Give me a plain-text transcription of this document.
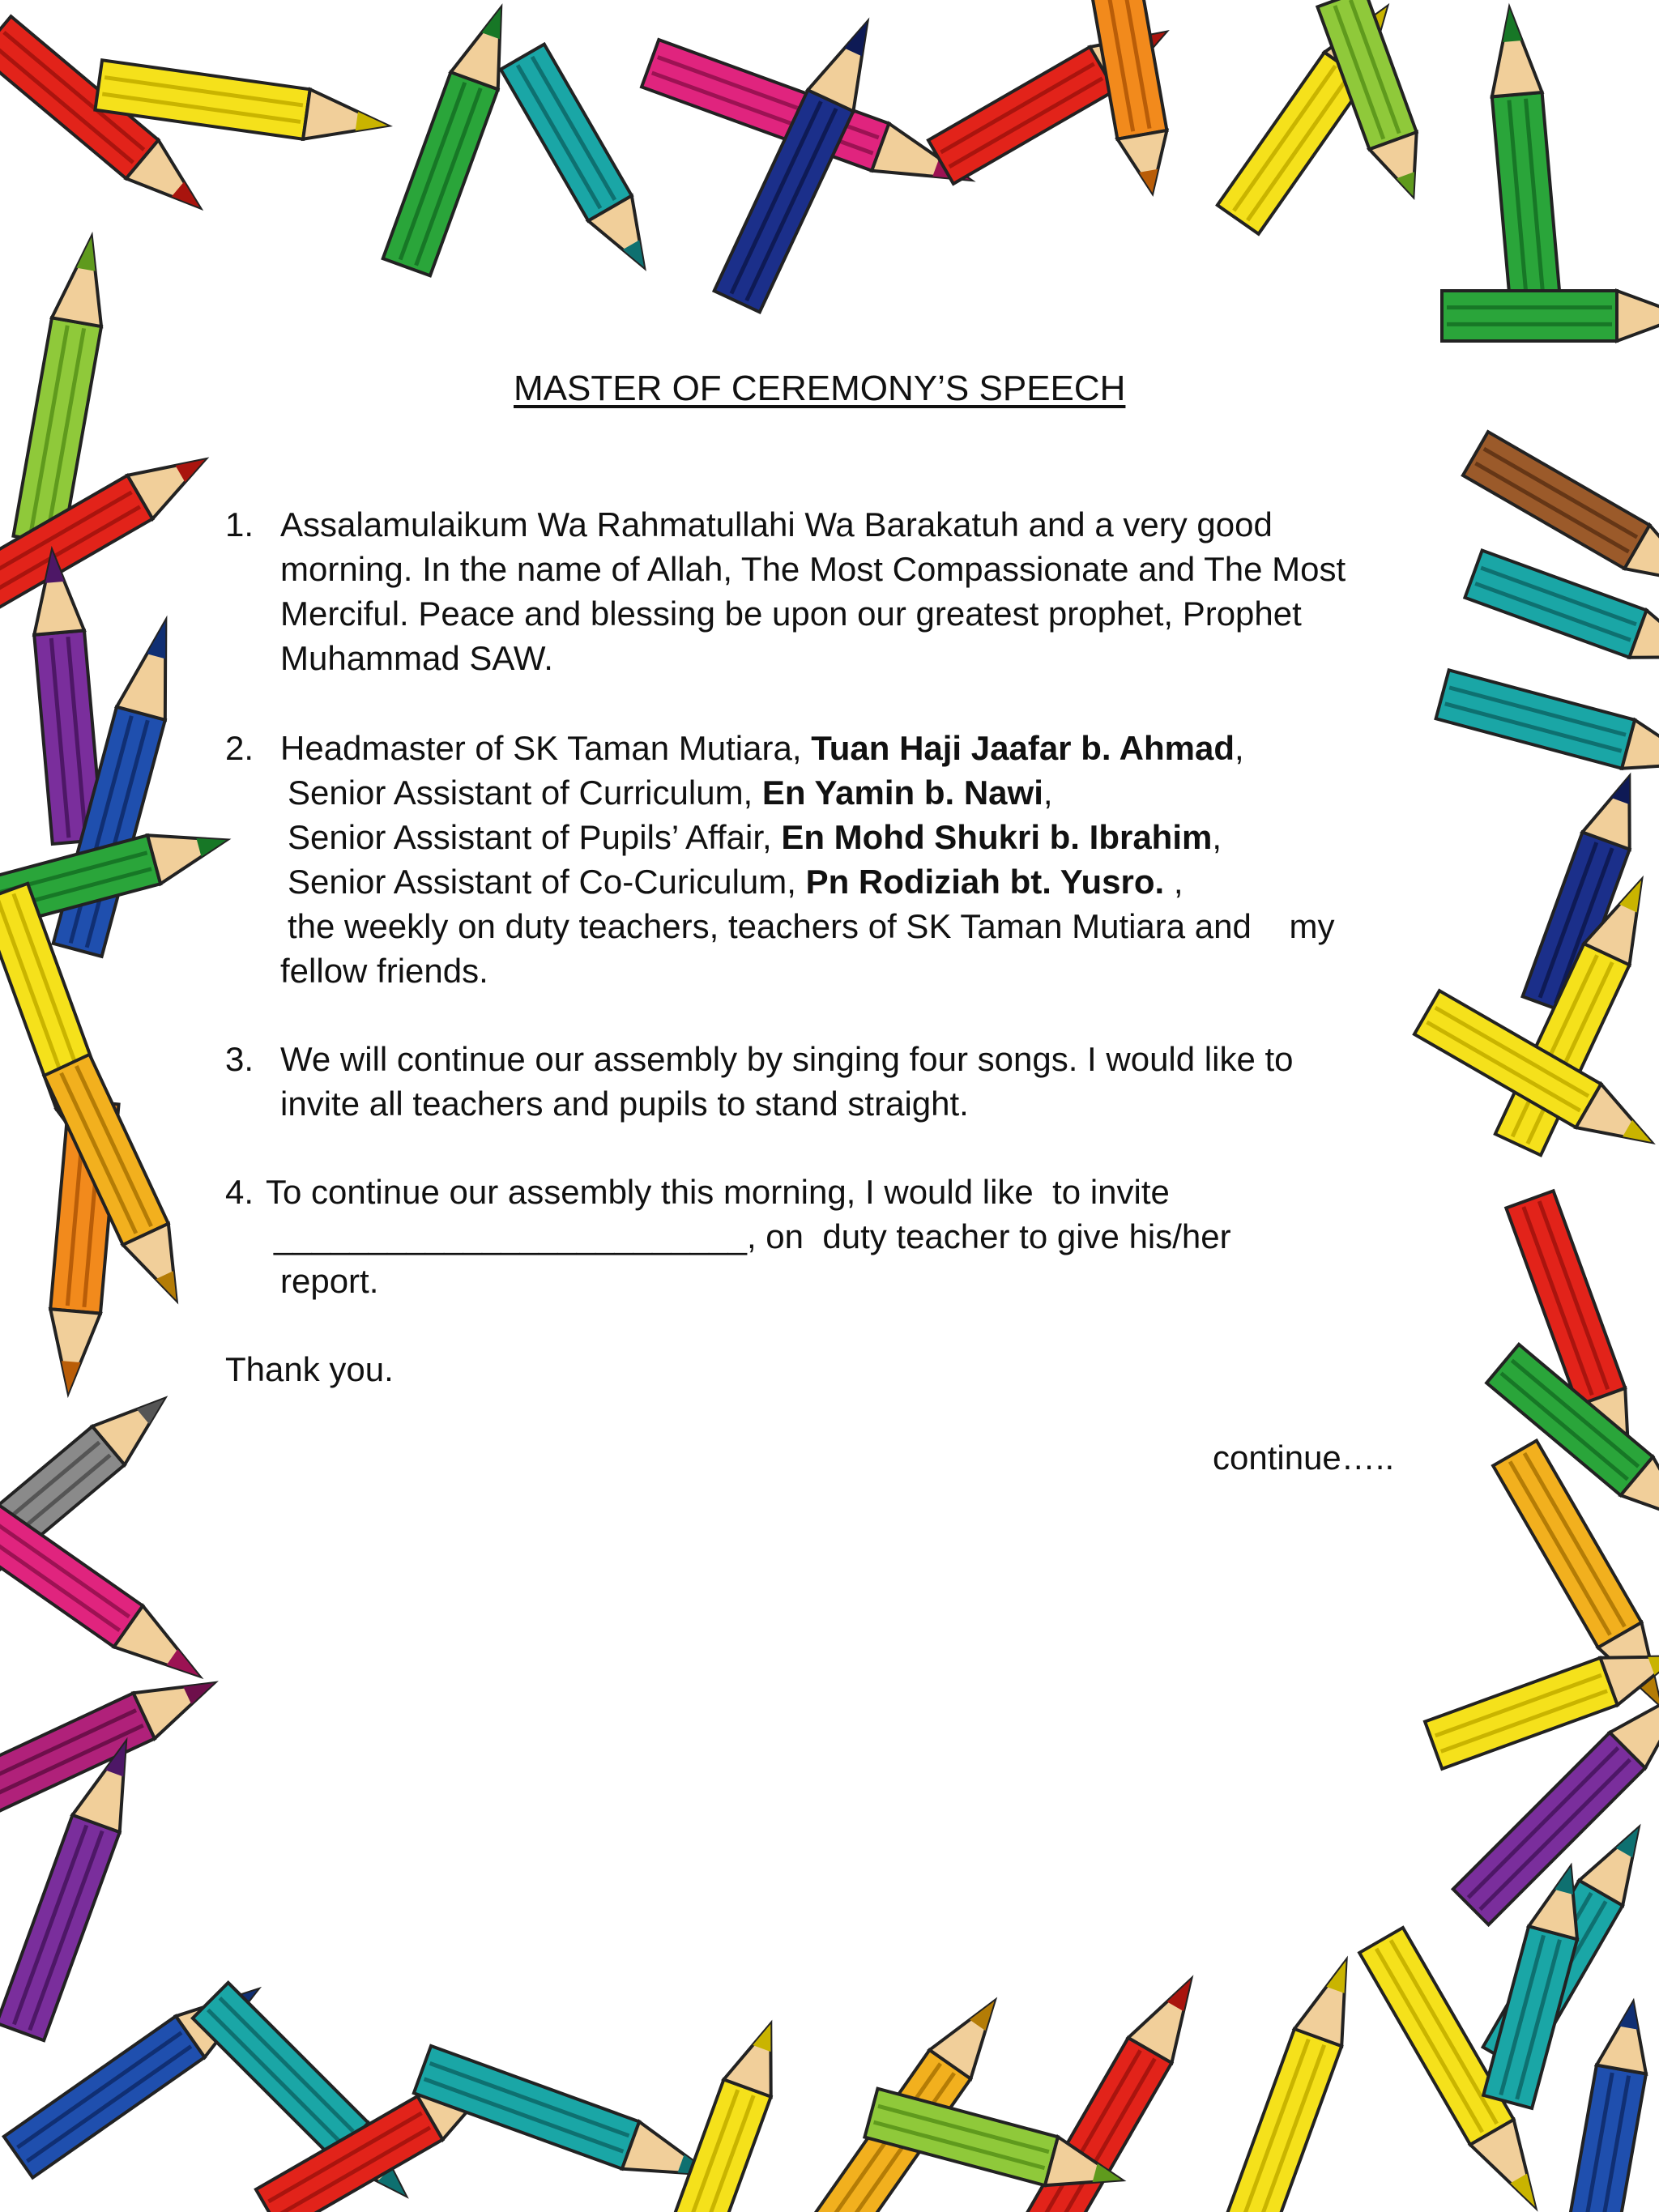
MASTER OF CEREMONY’S SPEECH
1. Assalamulaikum Wa Rahmatullahi Wa Barakatuh and a very good
morning. In the name of Allah, The Most Compassionate and The Most
Merciful. Peace and blessing be upon our greatest prophet, Prophet
Muhammad SAW.
2. Headmaster of SK Taman Mutiara, Tuan Haji Jaafar b. Ahmad,
Senior Assistant of Curriculum, En Yamin b. Nawi,
Senior Assistant of Pupils’ Affair, En Mohd Shukri b. Ibrahim,
Senior Assistant of Co-Curiculum, Pn Rodiziah bt. Yusro. ,
the weekly on duty teachers, teachers of SK Taman Mutiara and    my
fellow friends.
3. We will continue our assembly by singing four songs. I would like to
invite all teachers and pupils to stand straight.
4. To continue our assembly this morning, I would like  to invite
_________________________, on  duty teacher to give his/her
report.
Thank you.
continue…..
